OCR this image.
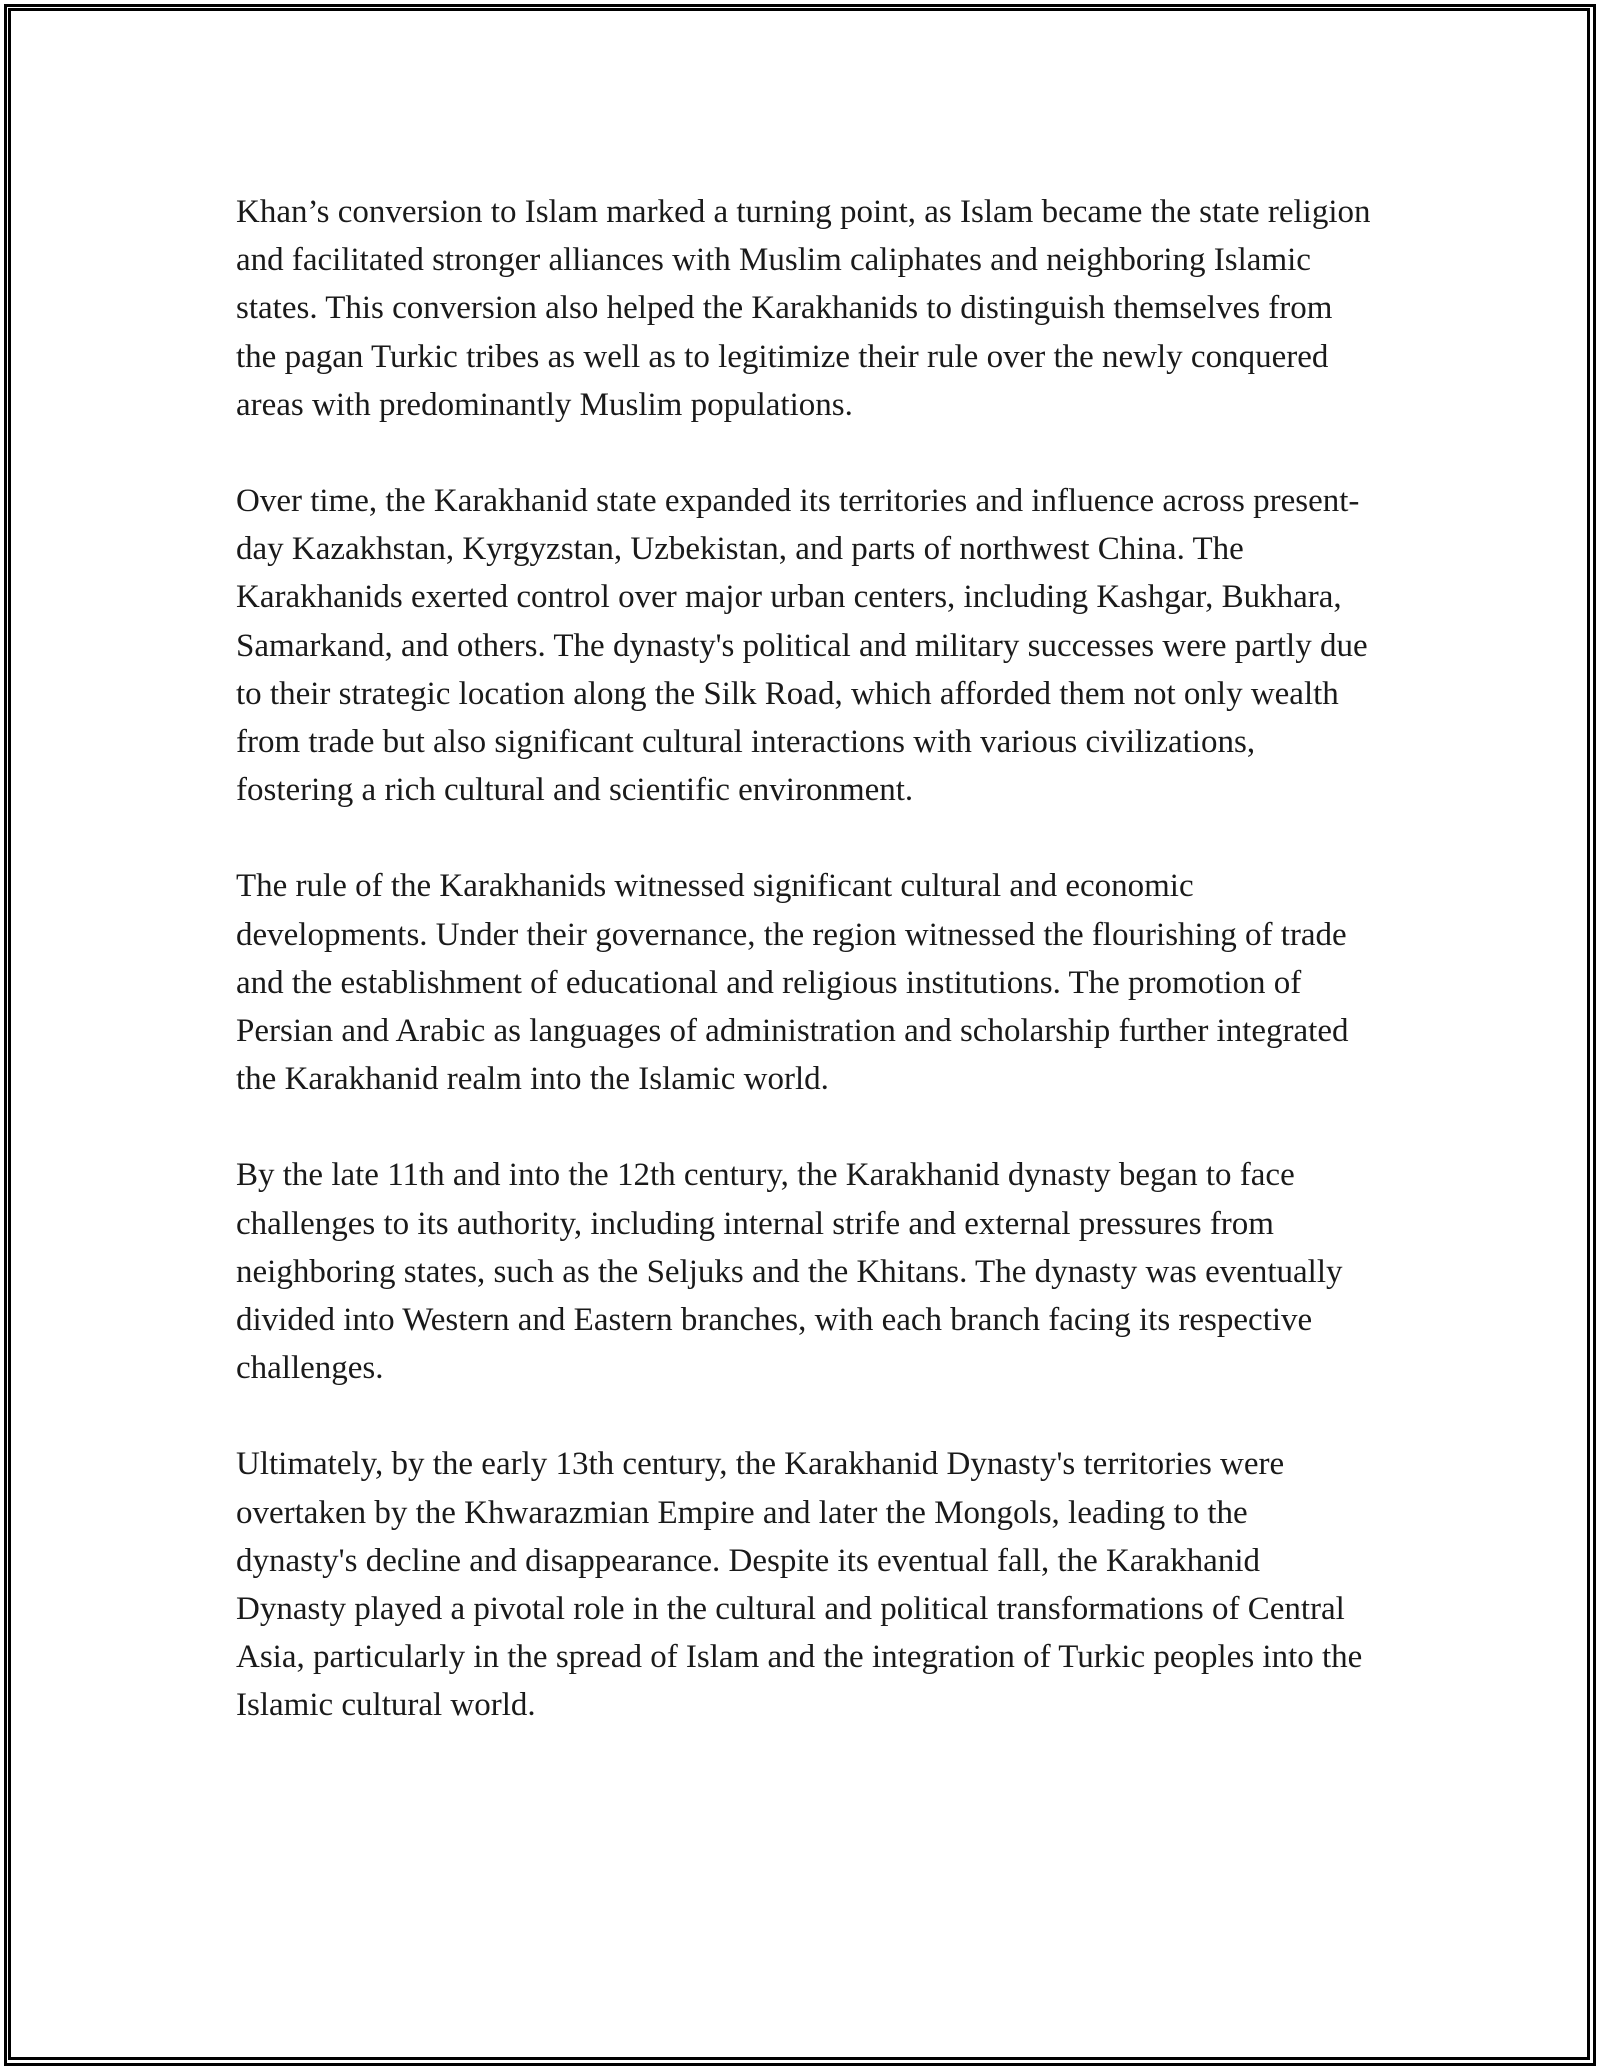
Khan’s conversion to Islam marked a turning point, as Islam became the state religion and facilitated stronger alliances with Muslim caliphates and neighboring Islamic states. This conversion also helped the Karakhanids to distinguish themselves from the pagan Turkic tribes as well as to legitimize their rule over the newly conquered areas with predominantly Muslim populations.

Over time, the Karakhanid state expanded its territories and influence across present-day Kazakhstan, Kyrgyzstan, Uzbekistan, and parts of northwest China. The Karakhanids exerted control over major urban centers, including Kashgar, Bukhara, Samarkand, and others. The dynasty's political and military successes were partly due to their strategic location along the Silk Road, which afforded them not only wealth from trade but also significant cultural interactions with various civilizations, fostering a rich cultural and scientific environment.

The rule of the Karakhanids witnessed significant cultural and economic developments. Under their governance, the region witnessed the flourishing of trade and the establishment of educational and religious institutions. The promotion of Persian and Arabic as languages of administration and scholarship further integrated the Karakhanid realm into the Islamic world.

By the late 11th and into the 12th century, the Karakhanid dynasty began to face challenges to its authority, including internal strife and external pressures from neighboring states, such as the Seljuks and the Khitans. The dynasty was eventually divided into Western and Eastern branches, with each branch facing its respective challenges.

Ultimately, by the early 13th century, the Karakhanid Dynasty's territories were overtaken by the Khwarazmian Empire and later the Mongols, leading to the dynasty's decline and disappearance. Despite its eventual fall, the Karakhanid Dynasty played a pivotal role in the cultural and political transformations of Central Asia, particularly in the spread of Islam and the integration of Turkic peoples into the Islamic cultural world.
